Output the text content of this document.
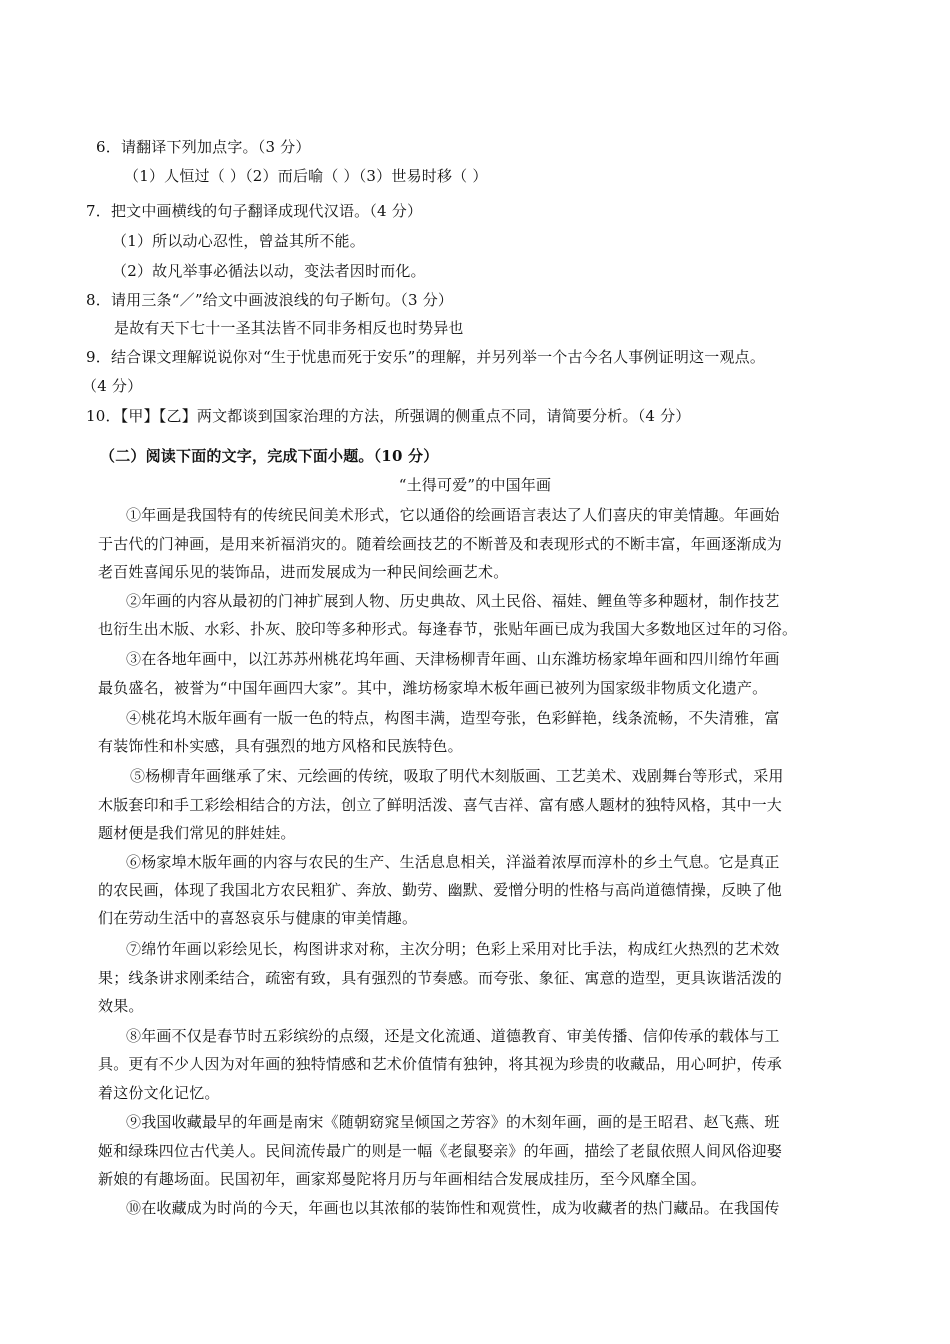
6．请翻译下列加点字。（3 分）
（1）人恒过（ ）（2）而后喻（ ）（3）世易时移（ ）
7．把文中画横线的句子翻译成现代汉语。（4 分）
（1）所以动心忍性，曾益其所不能。
（2）故凡举事必循法以动，变法者因时而化。
8．请用三条“／”给文中画波浪线的句子断句。（3 分）
是故有天下七十一圣其法皆不同非务相反也时势异也
9．结合课文理解说说你对“生于忧患而死于安乐”的理解，并另列举一个古今名人事例证明这一观点。
（4 分）
10．【甲】【乙】两文都谈到国家治理的方法，所强调的侧重点不同，请简要分析。（4 分）
（二）阅读下面的文字，完成下面小题。（10 分）
“土得可爱”的中国年画
①年画是我国特有的传统民间美术形式，它以通俗的绘画语言表达了人们喜庆的审美情趣。年画始
于古代的门神画，是用来祈福消灾的。随着绘画技艺的不断普及和表现形式的不断丰富，年画逐渐成为
老百姓喜闻乐见的装饰品，进而发展成为一种民间绘画艺术。
②年画的内容从最初的门神扩展到人物、历史典故、风土民俗、福娃、鲤鱼等多种题材，制作技艺
也衍生出木版、水彩、扑灰、胶印等多种形式。每逢春节，张贴年画已成为我国大多数地区过年的习俗。
③在各地年画中，以江苏苏州桃花坞年画、天津杨柳青年画、山东潍坊杨家埠年画和四川绵竹年画
最负盛名，被誉为“中国年画四大家”。其中，潍坊杨家埠木板年画已被列为国家级非物质文化遗产。
④桃花坞木版年画有一版一色的特点，构图丰满，造型夸张，色彩鲜艳，线条流畅，不失清雅，富
有装饰性和朴实感，具有强烈的地方风格和民族特色。
⑤杨柳青年画继承了宋、元绘画的传统，吸取了明代木刻版画、工艺美术、戏剧舞台等形式，采用
木版套印和手工彩绘相结合的方法，创立了鲜明活泼、喜气吉祥、富有感人题材的独特风格，其中一大
题材便是我们常见的胖娃娃。
⑥杨家埠木版年画的内容与农民的生产、生活息息相关，洋溢着浓厚而淳朴的乡土气息。它是真正
的农民画，体现了我国北方农民粗犷、奔放、勤劳、幽默、爱憎分明的性格与高尚道德情操，反映了他
们在劳动生活中的喜怒哀乐与健康的审美情趣。
⑦绵竹年画以彩绘见长，构图讲求对称，主次分明；色彩上采用对比手法，构成红火热烈的艺术效
果；线条讲求刚柔结合，疏密有致，具有强烈的节奏感。而夸张、象征、寓意的造型，更具诙谐活泼的
效果。
⑧年画不仅是春节时五彩缤纷的点缀，还是文化流通、道德教育、审美传播、信仰传承的载体与工
具。更有不少人因为对年画的独特情感和艺术价值情有独钟，将其视为珍贵的收藏品，用心呵护，传承
着这份文化记忆。
⑨我国收藏最早的年画是南宋《随朝窈窕呈倾国之芳容》的木刻年画，画的是王昭君、赵飞燕、班
姬和绿珠四位古代美人。民间流传最广的则是一幅《老鼠娶亲》的年画，描绘了老鼠依照人间风俗迎娶
新娘的有趣场面。民国初年，画家郑曼陀将月历与年画相结合发展成挂历，至今风靡全国。
⑩在收藏成为时尚的今天，年画也以其浓郁的装饰性和观赏性，成为收藏者的热门藏品。在我国传
